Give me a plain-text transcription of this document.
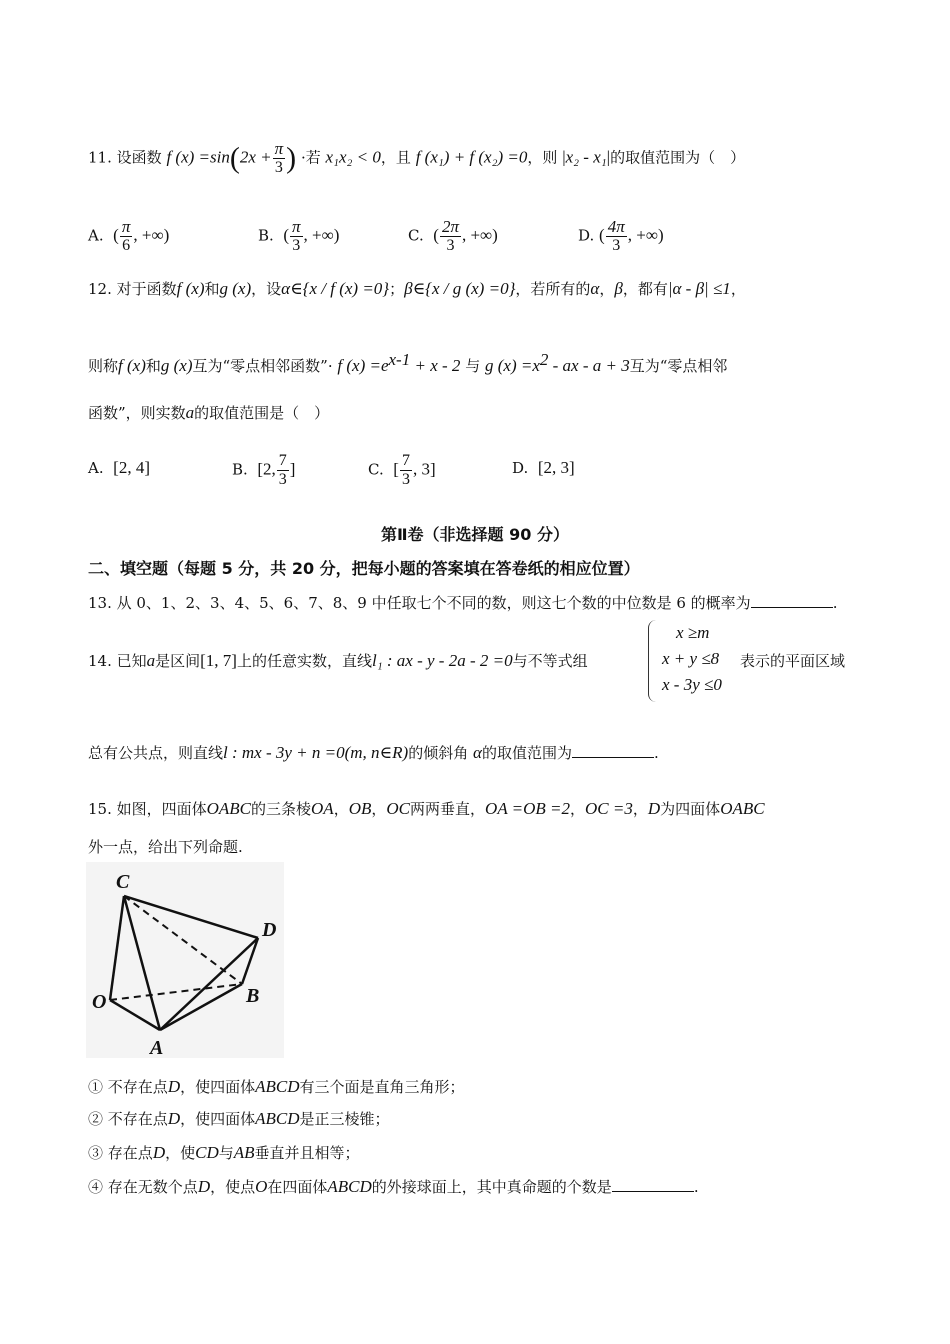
11. 设函数 f $(x) =\sin(2x + \frac{\pi}{3}$ ) ·若 x₁x₂ < 0，且 f (x₁) + f (x₂) =0，则 |x₂ - x₁|的取值范围为（　）
A. ( $\frac{\pi}{6}$ , +∞)	B. ( $\frac{\pi}{3}$ , +∞)	C. ( $\frac{2\pi}{3}$ , +∞)	D. ( $\frac{4\pi}{3}$ , +∞)
12. 对于函数f (x)和g (x)，设α∈{x / f (x) =0}；β∈{x / g (x) =0}，若所有的α，β，都有|α - β| ≤1，
则称f (x)和g (x)互为“零点相邻函数”· f $(x) =e^{x-1} + x - 2$ 与 g $(x) =x^2$ - ax - a + 3互为“零点相邻
函数”，则实数a的取值范围是（　）
A. [2, 4]	B. [2, $\frac{7}{3}$ ]	C. [ $\frac{7}{3}$ , 3]	D. [2, 3]
第Ⅱ卷（非选择题 90 分）
二、填空题（每题 5 分，共 20 分，把每小题的答案填在答卷纸的相应位置）
13. 从 0、1、2、3、4、5、6、7、8、9 中任取七个不同的数，则这七个数的中位数是 6 的概率为	.
14. 已知a是区间[1, 7]上的任意实数，直线l₁ : ax - y - 2a - 2 =0与不等式组
x ≥m
x + y ≤8
x - 3y ≤0
表示的平面区域
总有公共点，则直线l : mx - 3y + n =0(m, n∈R)的倾斜角 α的取值范围为	.
15. 如图，四面体OABC的三条棱OA，OB，OC两两垂直，OA =OB =2，OC =3，D为四面体OABC
外一点，给出下列命题.
C
D
O	B
A
① 不存在点D，使四面体ABCD有三个面是直角三角形；
② 不存在点D，使四面体ABCD是正三棱锥；
③ 存在点D，使CD与AB垂直并且相等；
④ 存在无数个点D，使点O在四面体ABCD的外接球面上，其中真命题的个数是	.
